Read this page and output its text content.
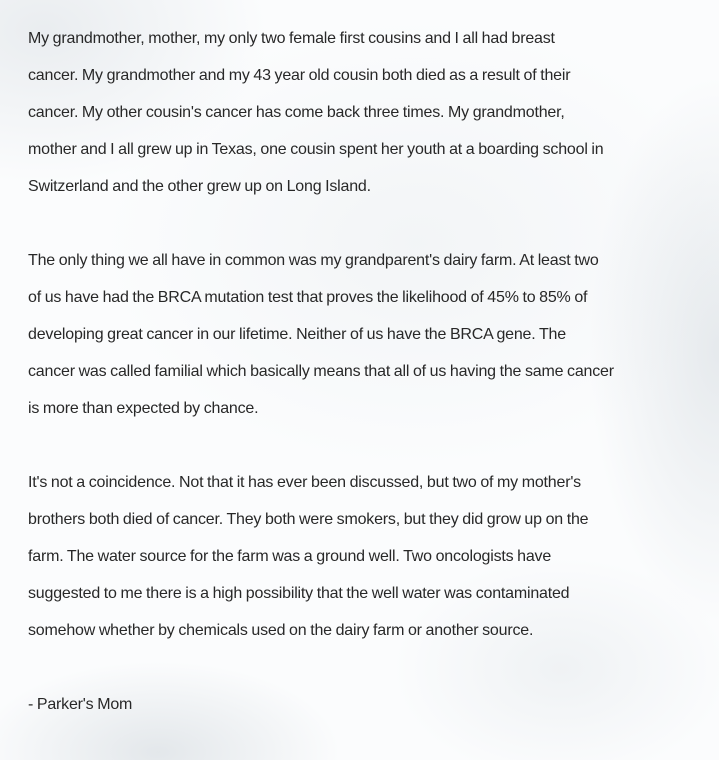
My grandmother, mother, my only two female first cousins and I all had breast
cancer. My grandmother and my 43 year old cousin both died as a result of their
cancer. My other cousin's cancer has come back three times. My grandmother,
mother and I all grew up in Texas, one cousin spent her youth at a boarding school in
Switzerland and the other grew up on Long Island.
The only thing we all have in common was my grandparent's dairy farm. At least two
of us have had the BRCA mutation test that proves the likelihood of 45% to 85% of
developing great cancer in our lifetime. Neither of us have the BRCA gene. The
cancer was called familial which basically means that all of us having the same cancer
is more than expected by chance.
It's not a coincidence. Not that it has ever been discussed, but two of my mother's
brothers both died of cancer. They both were smokers, but they did grow up on the
farm. The water source for the farm was a ground well. Two oncologists have
suggested to me there is a high possibility that the well water was contaminated
somehow whether by chemicals used on the dairy farm or another source.
- Parker's Mom
